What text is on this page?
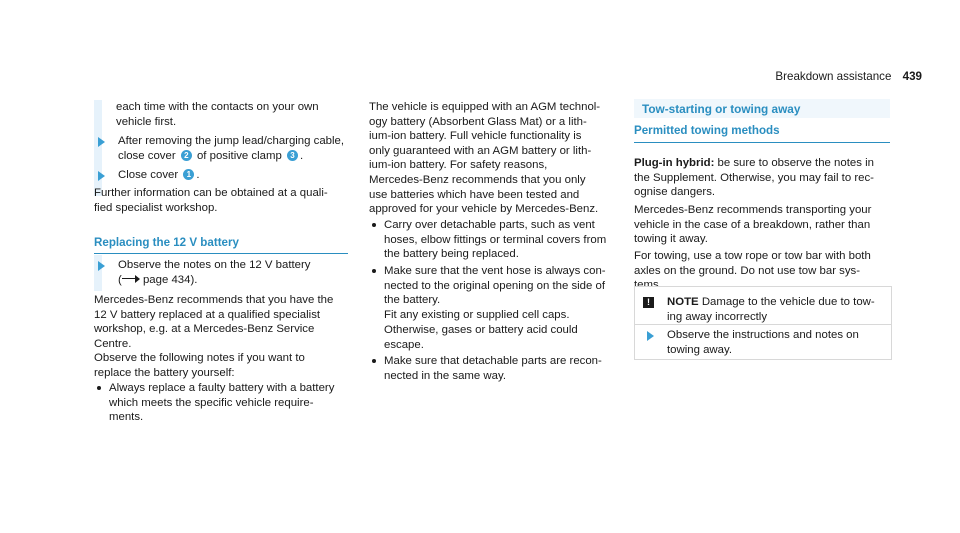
Breakdown assistance 439

each time with the contacts on your own

vehicle first.

After removing the jump lead/charging cable, close cover 2 of positive clamp 3 .

Close cover 1 .

Further information can be obtained at a quali-

fied specialist workshop.

Replacing the 12 V battery

Observe the notes on the 12 V battery

( page 434).

Mercedes-Benz recommends that you have the

12 V battery replaced at a qualified specialist

workshop, e.g. at a Mercedes-Benz Service

Centre.

Observe the following notes if you want to

replace the battery yourself:

Always replace a faulty battery with a battery

which meets the specific vehicle require-

ments.

The vehicle is equipped with an AGM technol-

ogy battery (Absorbent Glass Mat) or a lith-

ium-ion battery. Full vehicle functionality is

only guaranteed with an AGM battery or lith-

ium-ion battery. For safety reasons,

Mercedes-Benz recommends that you only

use batteries which have been tested and

approved for your vehicle by Mercedes-Benz.

Carry over detachable parts, such as vent

hoses, elbow fittings or terminal covers from

the battery being replaced.

Make sure that the vent hose is always con-

nected to the original opening on the side of

the battery.

Fit any existing or supplied cell caps.

Otherwise, gases or battery acid could

escape.

Make sure that detachable parts are recon-

nected in the same way.

Tow-starting or towing away

Permitted towing methods

Plug-in hybrid: be sure to observe the notes in

the Supplement. Otherwise, you may fail to rec-

ognise dangers.

Mercedes-Benz recommends transporting your

vehicle in the case of a breakdown, rather than

towing it away.

For towing, use a tow rope or tow bar with both

axles on the ground. Do not use tow bar sys-

!	NOTE Damage to the vehicle due to tow-

ing away incorrectly

Observe the instructions and notes on

towing away.
